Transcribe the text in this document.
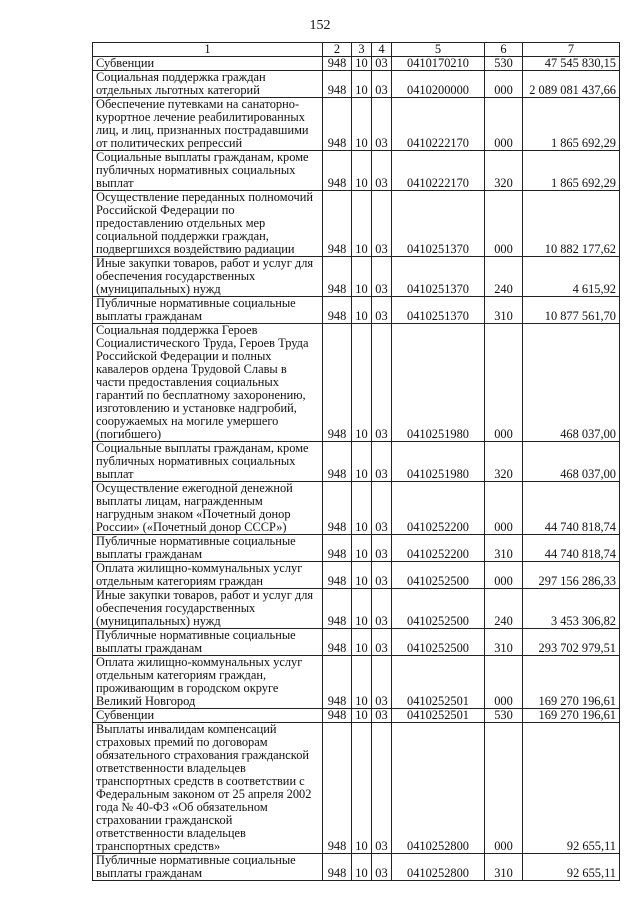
152
1	2	3	4	5	6	7
Субвенции	948	10	03	0410170210	530	47 545 830,15
Социальная поддержка граждан отдельных льготных категорий	948	10	03	0410200000	000	2 089 081 437,66
Обеспечение путевками на санаторно-курортное лечение реабилитированных лиц, и лиц, признанных пострадавшими от политических репрессий	948	10	03	0410222170	000	1 865 692,29
Социальные выплаты гражданам, кроме публичных нормативных социальных выплат	948	10	03	0410222170	320	1 865 692,29
Осуществление переданных полномочий Российской Федерации по предоставлению отдельных мер социальной поддержки граждан, подвергшихся воздействию радиации	948	10	03	0410251370	000	10 882 177,62
Иные закупки товаров, работ и услуг для обеспечения государственных (муниципальных) нужд	948	10	03	0410251370	240	4 615,92
Публичные нормативные социальные выплаты гражданам	948	10	03	0410251370	310	10 877 561,70
Социальная поддержка Героев Социалистического Труда, Героев Труда Российской Федерации и полных кавалеров ордена Трудовой Славы в части предоставления социальных гарантий по бесплатному захоронению, изготовлению и установке надгробий, сооружаемых на могиле умершего (погибшего)	948	10	03	0410251980	000	468 037,00
Социальные выплаты гражданам, кроме публичных нормативных социальных выплат	948	10	03	0410251980	320	468 037,00
Осуществление ежегодной денежной выплаты лицам, награжденным нагрудным знаком «Почетный донор России» («Почетный донор СССР»)	948	10	03	0410252200	000	44 740 818,74
Публичные нормативные социальные выплаты гражданам	948	10	03	0410252200	310	44 740 818,74
Оплата жилищно-коммунальных услуг отдельным категориям граждан	948	10	03	0410252500	000	297 156 286,33
Иные закупки товаров, работ и услуг для обеспечения государственных (муниципальных) нужд	948	10	03	0410252500	240	3 453 306,82
Публичные нормативные социальные выплаты гражданам	948	10	03	0410252500	310	293 702 979,51
Оплата жилищно-коммунальных услуг отдельным категориям граждан, проживающим в городском округе Великий Новгород	948	10	03	0410252501	000	169 270 196,61
Субвенции	948	10	03	0410252501	530	169 270 196,61
Выплаты инвалидам компенсаций страховых премий по договорам обязательного страхования гражданской ответственности владельцев транспортных средств в соответствии с Федеральным законом от 25 апреля 2002 года № 40-ФЗ «Об обязательном страховании гражданской ответственности владельцев транспортных средств»	948	10	03	0410252800	000	92 655,11
Публичные нормативные социальные выплаты гражданам	948	10	03	0410252800	310	92 655,11
